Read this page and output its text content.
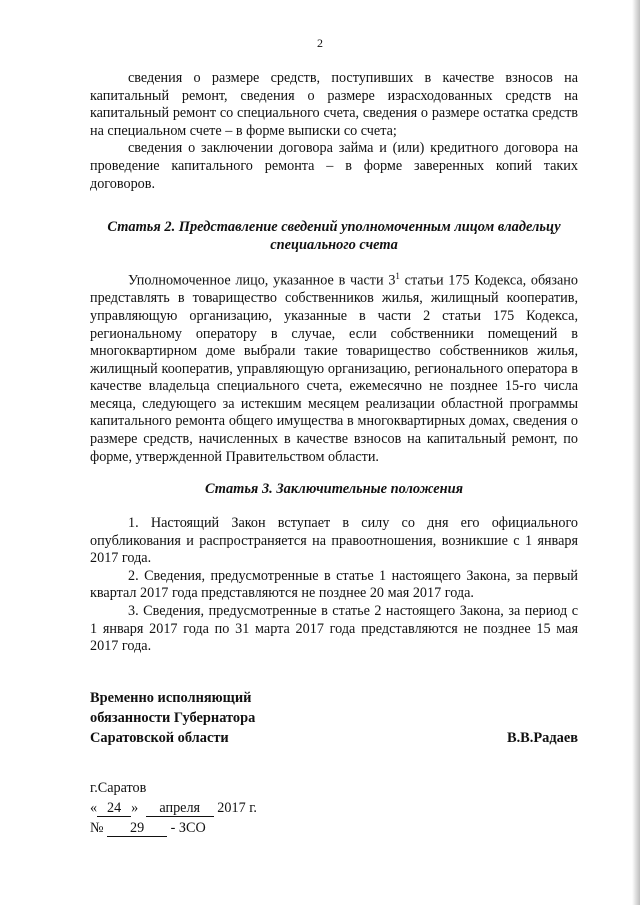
2

сведения о размере средств, поступивших в качестве взносов на капитальный ремонт, сведения о размере израсходованных средств на капитальный ремонт со специального счета, сведения о размере остатка средств на специальном счете – в форме выписки со счета;

сведения о заключении договора займа и (или) кредитного договора на проведение капитального ремонта – в форме заверенных копий таких договоров.

Статья 2. Представление сведений уполномоченным лицом владельцу специального счета

Уполномоченное лицо, указанное в части $3^1$ статьи 175 Кодекса, обязано представлять в товарищество собственников жилья, жилищный кооператив, управляющую организацию, указанные в части 2 статьи 175 Кодекса, региональному оператору в случае, если собственники помещений в многоквартирном доме выбрали такие товарищество собственников жилья, жилищный кооператив, управляющую организацию, регионального оператора в качестве владельца специального счета, ежемесячно не позднее 15-го числа месяца, следующего за истекшим месяцем реализации областной программы капитального ремонта общего имущества в многоквартирных домах, сведения о размере средств, начисленных в качестве взносов на капитальный ремонт, по форме, утвержденной Правительством области.

Статья 3. Заключительные положения

1. Настоящий Закон вступает в силу со дня его официального опубликования и распространяется на правоотношения, возникшие с 1 января 2017 года.

2. Сведения, предусмотренные в статье 1 настоящего Закона, за первый квартал 2017 года представляются не позднее 20 мая 2017 года.

3. Сведения, предусмотренные в статье 2 настоящего Закона, за период с 1 января 2017 года по 31 марта 2017 года представляются не позднее 15 мая 2017 года.

Временно исполняющий
обязанности Губернатора
Саратовской области	В.В.Радаев
г.Саратов
« 24 » апреля 2017 г.
№ 29 - ЗСО
